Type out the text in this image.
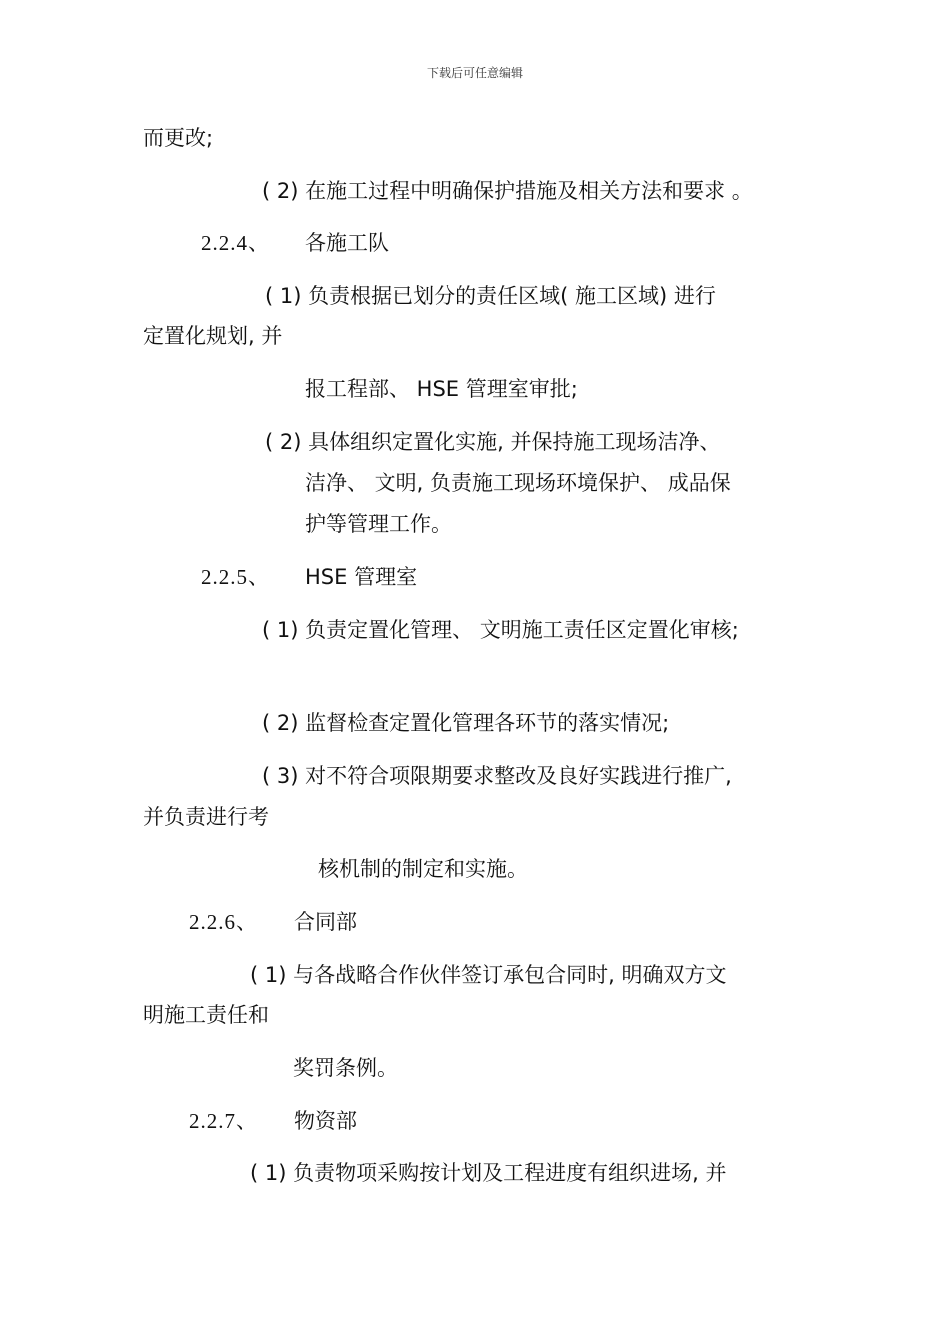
下载后可任意编辑
而更改;
( 2) 在施工过程中明确保护措施及相关方法和要求 。
2.2.4、 各施工队
( 1) 负责根据已划分的责任区域( 施工区域) 进行
定置化规划, 并
报工程部、 HSE 管理室审批;
( 2) 具体组织定置化实施, 并保持施工现场洁净、
洁净、 文明, 负责施工现场环境保护、 成品保
护等管理工作。
2.2.5、 HSE 管理室
( 1) 负责定置化管理、 文明施工责任区定置化审核;
( 2) 监督检查定置化管理各环节的落实情况;
( 3) 对不符合项限期要求整改及良好实践进行推广,
并负责进行考
核机制的制定和实施。
2.2.6、 合同部
( 1) 与各战略合作伙伴签订承包合同时, 明确双方文
明施工责任和
奖罚条例。
2.2.7、 物资部
( 1) 负责物项采购按计划及工程进度有组织进场, 并
